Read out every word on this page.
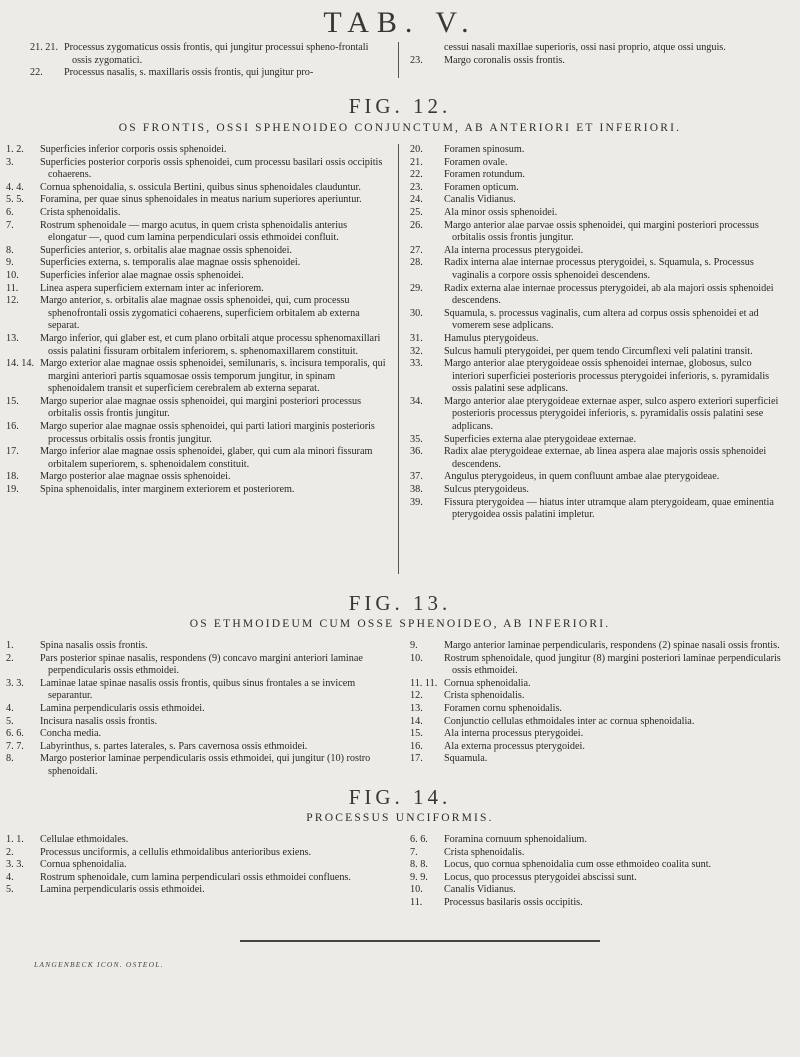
TAB. V.
21. 21. Processus zygomaticus ossis frontis, qui jungitur processui spheno-frontali ossis zygomatici.
22.	Processus nasalis, s. maxillaris ossis frontis, qui jungitur pro-
cessui nasali maxillae superioris, ossi nasi proprio, atque ossi unguis.
23.	Margo coronalis ossis frontis.
FIG. 12.
OS FRONTIS, OSSI SPHENOIDEO CONJUNCTUM, AB ANTERIORI ET INFERIORI.
1. 2.	Superficies inferior corporis ossis sphenoidei.
3.	Superficies posterior corporis ossis sphenoidei, cum processu basilari ossis occipitis cohaerens.
4. 4.	Cornua sphenoidalia, s. ossicula Bertini, quibus sinus sphenoidales clauduntur.
5. 5.	Foramina, per quae sinus sphenoidales in meatus narium superiores aperiuntur.
6.	Crista sphenoidalis.
7.	Rostrum sphenoidale — margo acutus, in quem crista sphenoidalis anterius elongatur —, quod cum lamina perpendiculari ossis ethmoidei confluit.
8.	Superficies anterior, s. orbitalis alae magnae ossis sphenoidei.
9.	Superficies externa, s. temporalis alae magnae ossis sphenoidei.
10.	Superficies inferior alae magnae ossis sphenoidei.
11.	Linea aspera superficiem externam inter ac inferiorem.
12.	Margo anterior, s. orbitalis alae magnae ossis sphenoidei, qui, cum processu sphenofrontali ossis zygomatici cohaerens, superficiem orbitalem ab externa separat.
13.	Margo inferior, qui glaber est, et cum plano orbitali atque processu sphenomaxillari ossis palatini fissuram orbitalem inferiorem, s. sphenomaxillarem constituit.
14. 14. Margo exterior alae magnae ossis sphenoidei, semilunaris, s. incisura temporalis, qui margini anteriori partis squamosae ossis temporum jungitur, in spinam sphenoidalem transit et superficiem cerebralem ab externa separat.
15.	Margo superior alae magnae ossis sphenoidei, qui margini posteriori processus orbitalis ossis frontis jungitur.
16.	Margo superior alae magnae ossis sphenoidei, qui parti latiori marginis posterioris processus orbitalis ossis frontis jungitur.
17.	Margo inferior alae magnae ossis sphenoidei, glaber, qui cum ala minori fissuram orbitalem superiorem, s. sphenoidalem constituit.
18.	Margo posterior alae magnae ossis sphenoidei.
19.	Spina sphenoidalis, inter marginem exteriorem et posteriorem.
20.	Foramen spinosum.
21.	Foramen ovale.
22.	Foramen rotundum.
23.	Foramen opticum.
24.	Canalis Vidianus.
25.	Ala minor ossis sphenoidei.
26.	Margo anterior alae parvae ossis sphenoidei, qui margini posteriori processus orbitalis ossis frontis jungitur.
27.	Ala interna processus pterygoidei.
28.	Radix interna alae internae processus pterygoidei, s. Squamula, s. Processus vaginalis a corpore ossis sphenoidei descendens.
29.	Radix externa alae internae processus pterygoidei, ab ala majori ossis sphenoidei descendens.
30.	Squamula, s. processus vaginalis, cum altera ad corpus ossis sphenoidei et ad vomerem sese adplicans.
31.	Hamulus pterygoideus.
32.	Sulcus hamuli pterygoidei, per quem tendo Circumflexi veli palatini transit.
33.	Margo anterior alae pterygoideae ossis sphenoidei internae, globosus, sulco interiori superficiei posterioris processus pterygoidei inferioris, s. pyramidalis ossis palatini sese adplicans.
34.	Margo anterior alae pterygoideae externae asper, sulco aspero exteriori superficiei posterioris processus pterygoidei inferioris, s. pyramidalis ossis palatini sese adplicans.
35.	Superficies externa alae pterygoideae externae.
36.	Radix alae pterygoideae externae, ab linea aspera alae majoris ossis sphenoidei descendens.
37.	Angulus pterygoideus, in quem confluunt ambae alae pterygoideae.
38.	Sulcus pterygoideus.
39.	Fissura pterygoidea — hiatus inter utramque alam pterygoideam, quae eminentia pterygoidea ossis palatini impletur.
FIG. 13.
OS ETHMOIDEUM CUM OSSE SPHENOIDEO, AB INFERIORI.
1.	Spina nasalis ossis frontis.
2.	Pars posterior spinae nasalis, respondens (9) concavo margini anteriori laminae perpendicularis ossis ethmoidei.
3. 3.	Laminae latae spinae nasalis ossis frontis, quibus sinus frontales a se invicem separantur.
4.	Lamina perpendicularis ossis ethmoidei.
5.	Incisura nasalis ossis frontis.
6. 6.	Concha media.
7. 7.	Labyrinthus, s. partes laterales, s. Pars cavernosa ossis ethmoidei.
8.	Margo posterior laminae perpendicularis ossis ethmoidei, qui jungitur (10) rostro sphenoidali.
9.	Margo anterior laminae perpendicularis, respondens (2) spinae nasali ossis frontis.
10.	Rostrum sphenoidale, quod jungitur (8) margini posteriori laminae perpendicularis ossis ethmoidei.
11. 11. Cornua sphenoidalia.
12.	Crista sphenoidalis.
13.	Foramen cornu sphenoidalis.
14.	Conjunctio cellulas ethmoidales inter ac cornua sphenoidalia.
15.	Ala interna processus pterygoidei.
16.	Ala externa processus pterygoidei.
17.	Squamula.
FIG. 14.
PROCESSUS UNCIFORMIS.
1. 1.	Cellulae ethmoidales.
2.	Processus unciformis, a cellulis ethmoidalibus anterioribus exiens.
3. 3.	Cornua sphenoidalia.
4.	Rostrum sphenoidale, cum lamina perpendiculari ossis ethmoidei confluens.
5.	Lamina perpendicularis ossis ethmoidei.
6. 6.	Foramina cornuum sphenoidalium.
7.	Crista sphenoidalis.
8. 8.	Locus, quo cornua sphenoidalia cum osse ethmoideo coalita sunt.
9. 9.	Locus, quo processus pterygoidei abscissi sunt.
10.	Canalis Vidianus.
11.	Processus basilaris ossis occipitis.
LANGENBECK ICON. OSTEOL.
